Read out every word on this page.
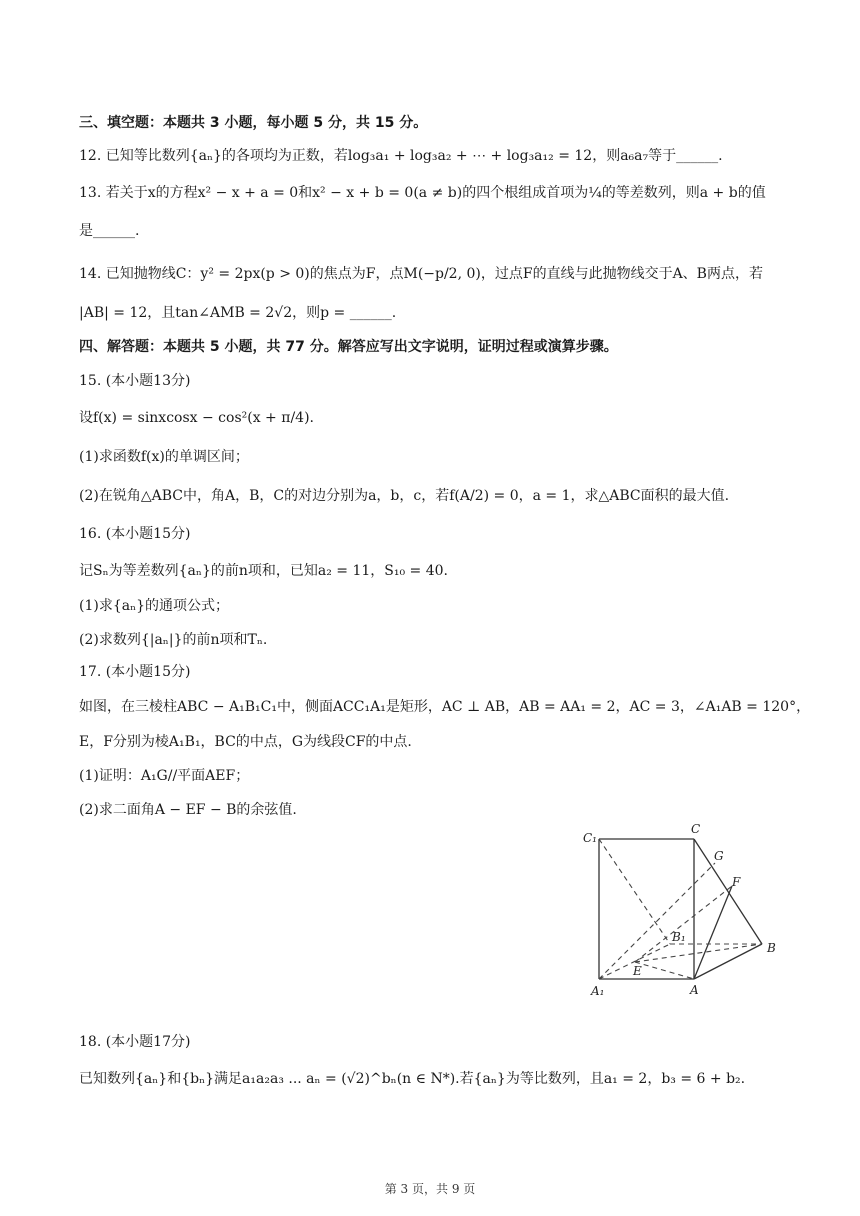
三、填空题：本题共 3 小题，每小题 5 分，共 15 分。
12. 已知等比数列{aₙ}的各项均为正数，若log₃a₁ + log₃a₂ + ⋯ + log₃a₁₂ = 12，则a₆a₇等于______.
13. 若关于x的方程x² − x + a = 0和x² − x + b = 0(a ≠ b)的四个根组成首项为¼的等差数列，则a + b的值
是______.
14. 已知抛物线C：y² = 2px(p > 0)的焦点为F，点M(−p/2, 0)，过点F的直线与此抛物线交于A、B两点，若
|AB| = 12，且tan∠AMB = 2√2，则p = ______.
四、解答题：本题共 5 小题，共 77 分。解答应写出文字说明，证明过程或演算步骤。
15. (本小题13分)
设f(x) = sinxcosx − cos²(x + π/4).
(1)求函数f(x)的单调区间；
(2)在锐角△ABC中，角A，B，C的对边分别为a，b，c，若f(A/2) = 0，a = 1，求△ABC面积的最大值.
16. (本小题15分)
记Sₙ为等差数列{aₙ}的前n项和，已知a₂ = 11，S₁₀ = 40.
(1)求{aₙ}的通项公式；
(2)求数列{|aₙ|}的前n项和Tₙ.
17. (本小题15分)
如图，在三棱柱ABC − A₁B₁C₁中，侧面ACC₁A₁是矩形，AC ⊥ AB，AB = AA₁ = 2，AC = 3，∠A₁AB = 120°，
E，F分别为棱A₁B₁，BC的中点，G为线段CF的中点.
(1)证明：A₁G//平面AEF；
(2)求二面角A − EF − B的余弦值.
C₁
C
G
F
B₁
B
E
A₁	A
18. (本小题17分)
已知数列{aₙ}和{bₙ}满足a₁a₂a₃ ... aₙ = (√2)^bₙ(n ∈ N*).若{aₙ}为等比数列，且a₁ = 2，b₃ = 6 + b₂.
第 3 页，共 9 页
